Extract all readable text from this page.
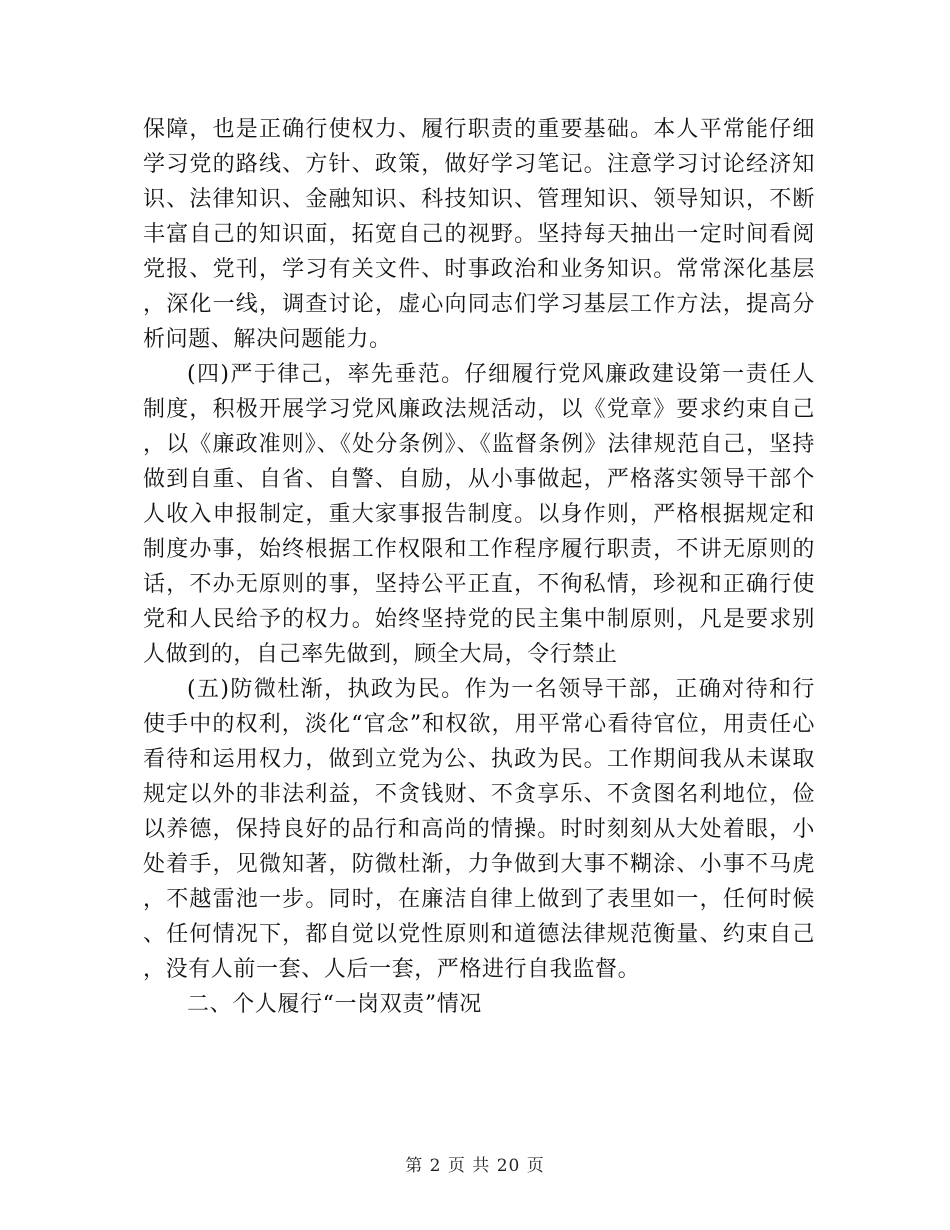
保障，也是正确行使权力、履行职责的重要基础。本人平常能仔细学习党的路线、方针、政策，做好学习笔记。注意学习讨论经济知识、法律知识、金融知识、科技知识、管理知识、领导知识，不断丰富自己的知识面，拓宽自己的视野。坚持每天抽出一定时间看阅党报、党刊，学习有关文件、时事政治和业务知识。常常深化基层，深化一线，调查讨论，虚心向同志们学习基层工作方法，提高分析问题、解决问题能力。

(四)严于律己，率先垂范。仔细履行党风廉政建设第一责任人制度，积极开展学习党风廉政法规活动，以《党章》要求约束自己，以《廉政准则》、《处分条例》、《监督条例》法律规范自己，坚持做到自重、自省、自警、自励，从小事做起，严格落实领导干部个人收入申报制定，重大家事报告制度。以身作则，严格根据规定和制度办事，始终根据工作权限和工作程序履行职责，不讲无原则的话，不办无原则的事，坚持公平正直，不徇私情，珍视和正确行使党和人民给予的权力。始终坚持党的民主集中制原则，凡是要求别人做到的，自己率先做到，顾全大局，令行禁止

(五)防微杜渐，执政为民。作为一名领导干部，正确对待和行使手中的权利，淡化“官念”和权欲，用平常心看待官位，用责任心看待和运用权力，做到立党为公、执政为民。工作期间我从未谋取规定以外的非法利益，不贪钱财、不贪享乐、不贪图名利地位，俭以养德，保持良好的品行和高尚的情操。时时刻刻从大处着眼，小处着手，见微知著，防微杜渐，力争做到大事不糊涂、小事不马虎，不越雷池一步。同时，在廉洁自律上做到了表里如一，任何时候、任何情况下，都自觉以党性原则和道德法律规范衡量、约束自己，没有人前一套、人后一套，严格进行自我监督。

二、个人履行“一岗双责”情况

第 2 页 共 20 页
